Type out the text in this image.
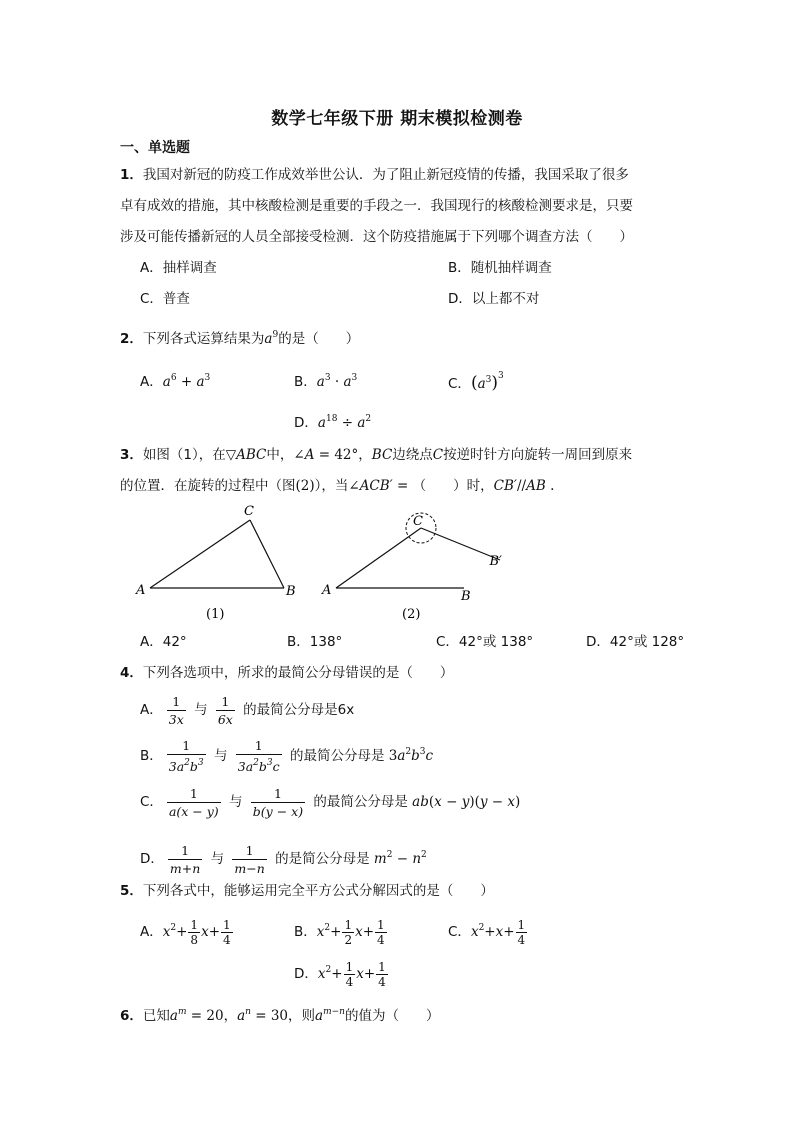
数学七年级下册 期末模拟检测卷
一、单选题
1．我国对新冠的防疫工作成效举世公认．为了阻止新冠疫情的传播，我国采取了很多
卓有成效的措施，其中核酸检测是重要的手段之一．我国现行的核酸检测要求是，只要
涉及可能传播新冠的人员全部接受检测．这个防疫措施属于下列哪个调查方法（　　）
A．抽样调查	B．随机抽样调查
C．普查	D．以上都不对
2．下列各式运算结果为$a^9$的是（　　）
A．$a^6 + a^3$	B．$a^3 \cdot a^3$	C．$(a^3)^3$
D．$a^{18} \div a^2$
3．如图（1），在▽ABC中，∠A = 42°，BC边绕点C按逆时针方向旋转一周回到原来
的位置．在旋转的过程中（图(2)），当∠ACB′ = （　　）时，CB′//AB .
A
C
B
(1)
A
C
B
B′
(2)
A．42°	B．138°	C．42°或 138°	D．42°或 128°
4．下列各选项中，所求的最简公分母错误的是（　　）
A． $\frac{1}{3x}$ 与 $\frac{1}{6x}$ 的最简公分母是6x
B． $\frac{1}{3a^2b^3}$ 与 $\frac{1}{3a^2b^3c}$ 的最简公分母是 $3a^2b^3c$
C． $\frac{1}{a(x - y)}$ 与 $\frac{1}{b(y - x)}$ 的最简公分母是 ab(x − y)(y − x)
D． $\frac{1}{m+n}$ 与 $\frac{1}{m-n}$ 的是简公分母是 $m^2 - n^2$
5．下列各式中，能够运用完全平方公式分解因式的是（　　）
A．$x^2+ \frac{1}{8} x+ \frac{1}{4}$	B．$x^2+ \frac{1}{2} x+ \frac{1}{4}$	C．$x^2+x+ \frac{1}{4}$
D．$x^2+ \frac{1}{4} x+ \frac{1}{4}$
6．已知$a^m = 20$，$a^n = 30$，则$a^{m-n}$的值为（　　）
